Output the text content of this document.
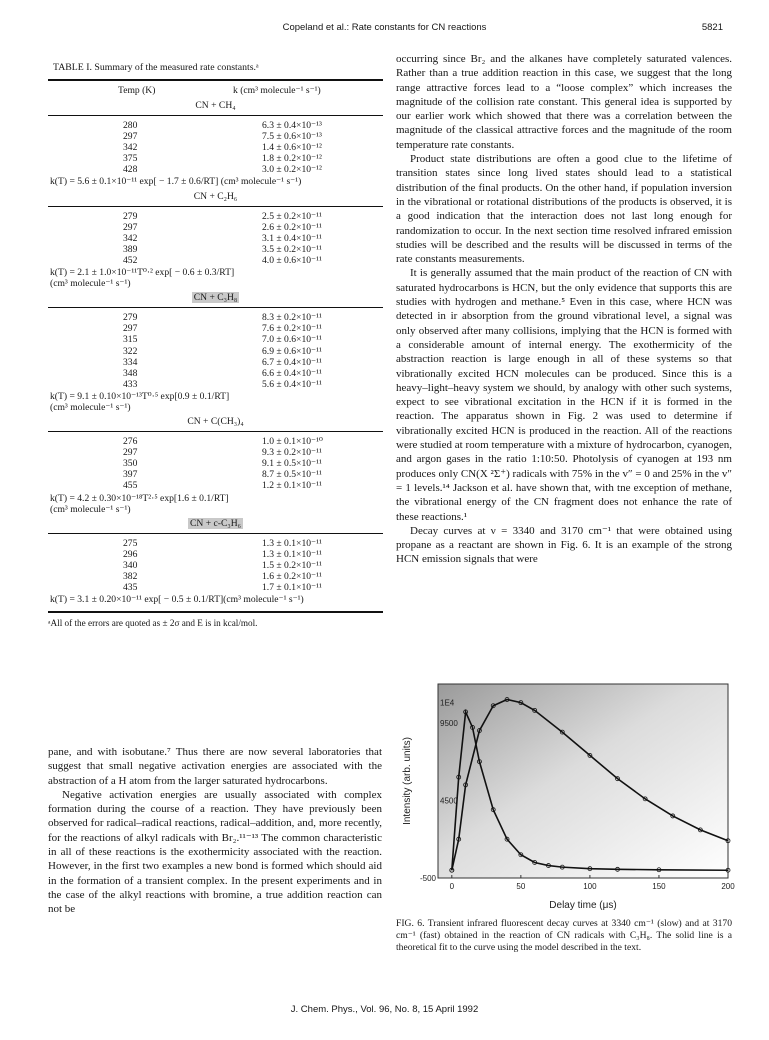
Copeland et al.: Rate constants for CN reactions	5821
TABLE I. Summary of the measured rate constants.ᵃ
Temp (K)	k (cm³ molecule⁻¹ s⁻¹)
CN + CH₄
280	6.3 ± 0.4×10⁻¹³
297	7.5 ± 0.6×10⁻¹³
342	1.4 ± 0.6×10⁻¹²
375	1.8 ± 0.2×10⁻¹²
428	3.0 ± 0.2×10⁻¹²
k(T) = 5.6 ± 0.1×10⁻¹¹ exp[ − 1.7 ± 0.6/RT] (cm³ molecule⁻¹ s⁻¹)
CN + C₂H₆
279	2.5 ± 0.2×10⁻¹¹
297	2.6 ± 0.2×10⁻¹¹
342	3.1 ± 0.4×10⁻¹¹
389	3.5 ± 0.2×10⁻¹¹
452	4.0 ± 0.6×10⁻¹¹
k(T) = 2.1 ± 1.0×10⁻¹¹T⁰·² exp[ − 0.6 ± 0.3/RT]
(cm³ molecule⁻¹ s⁻¹)
CN + C₃H₈
279	8.3 ± 0.2×10⁻¹¹
297	7.6 ± 0.2×10⁻¹¹
315	7.0 ± 0.6×10⁻¹¹
322	6.9 ± 0.6×10⁻¹¹
334	6.7 ± 0.4×10⁻¹¹
348	6.6 ± 0.4×10⁻¹¹
433	5.6 ± 0.4×10⁻¹¹
k(T) = 9.1 ± 0.10×10⁻¹³T⁰·⁵ exp[0.9 ± 0.1/RT]
(cm³ molecule⁻¹ s⁻¹)
CN + C(CH₃)₄
276	1.0 ± 0.1×10⁻¹⁰
297	9.3 ± 0.2×10⁻¹¹
350	9.1 ± 0.5×10⁻¹¹
397	8.7 ± 0.5×10⁻¹¹
455	1.2 ± 0.1×10⁻¹¹
k(T) = 4.2 ± 0.30×10⁻¹⁸T²·⁵ exp[1.6 ± 0.1/RT]
(cm³ molecule⁻¹ s⁻¹)
CN + c-C₃H₆
275	1.3 ± 0.1×10⁻¹¹
296	1.3 ± 0.1×10⁻¹¹
340	1.5 ± 0.2×10⁻¹¹
382	1.6 ± 0.2×10⁻¹¹
435	1.7 ± 0.1×10⁻¹¹
k(T) = 3.1 ± 0.20×10⁻¹¹ exp[ − 0.5 ± 0.1/RT](cm³ molecule⁻¹ s⁻¹)
ᵃAll of the errors are quoted as ± 2σ and E is in kcal/mol.

pane, and with isobutane.⁷ Thus there are now several laboratories that suggest that small negative activation energies are associated with the abstraction of a H atom from the larger saturated hydrocarbons.

Negative activation energies are usually associated with complex formation during the course of a reaction. They have previously been observed for radical–radical reactions, radical–addition, and, more recently, for the reactions of alkyl radicals with Br₂.¹¹⁻¹³ The common characteristic in all of these reactions is the exothermicity associated with the reaction. However, in the first two examples a new bond is formed which should aid in the formation of a transient complex. In the present experiments and in the case of the alkyl reactions with bromine, a true addition reaction can not be

occurring since Br₂ and the alkanes have completely saturated valences. Rather than a true addition reaction in this case, we suggest that the long range attractive forces lead to a “loose complex” which increases the magnitude of the collision rate constant. This general idea is supported by our earlier work which showed that there was a correlation between the magnitude of the classical attractive forces and the magnitude of the room temperature rate constants.

Product state distributions are often a good clue to the lifetime of transition states since long lived states should lead to a statistical distribution of the final products. On the other hand, if population inversion in the vibrational or rotational distributions of the products is observed, it is a good indication that the interaction does not last long enough for randomization to occur. In the next section time resolved infrared emission studies will be described and the results will be discussed in terms of the rate constants measurements.

It is generally assumed that the main product of the reaction of CN with saturated hydrocarbons is HCN, but the only evidence that supports this are studies with hydrogen and methane.⁵ Even in this case, where HCN was detected in ir absorption from the ground vibrational level, a signal was only observed after many collisions, implying that the HCN is formed with a considerable amount of internal energy. The exothermicity of the abstraction reaction is large enough in all of these systems so that vibrationally excited HCN molecules can be produced. Since this is a heavy–light–heavy system we should, by analogy with other such systems, expect to see vibrational excitation in the HCN if it is formed in the reaction. The apparatus shown in Fig. 2 was used to determine if vibrationally excited HCN is produced in the reaction. All of the reactions were studied at room temperature with a mixture of hydrocarbon, cyanogen, and argon gases in the ratio 1:10:50. Photolysis of cyanogen at 193 nm produces only CN(X ²Σ⁺) radicals with 75% in the v″ = 0 and 25% in the v″ = 1 levels.¹⁴ Jackson et al. have shown that, with tne exception of methane, the vibrational energy of the CN fragment does not enhance the rate of these reactions.¹

Decay curves at ν = 3340 and 3170 cm⁻¹ that were obtained using propane as a reactant are shown in Fig. 6. It is an example of the strong HCN emission signals that were

0	50	100	150	200
-500
4500
9500
1E4
Intensity (arb. units)
Delay time (μs)
FIG. 6. Transient infrared fluorescent decay curves at 3340 cm⁻¹ (slow) and at 3170 cm⁻¹ (fast) obtained in the reaction of CN radicals with C₃H₈. The solid line is a theoretical fit to the curve using the model described in the text.
J. Chem. Phys., Vol. 96, No. 8, 15 April 1992
